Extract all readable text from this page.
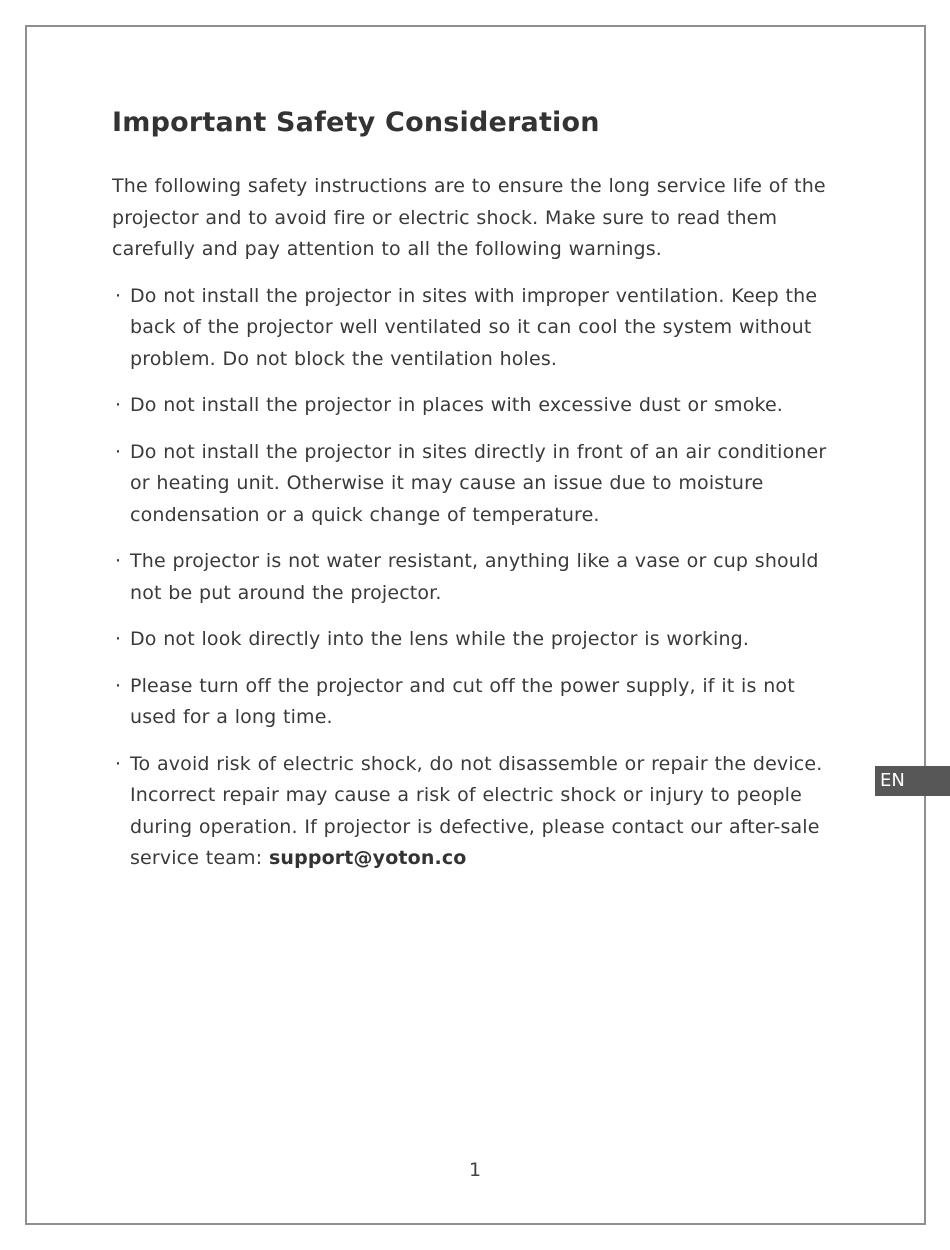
Important Safety Consideration

The following safety instructions are to ensure the long service life of the projector and to avoid fire or electric shock. Make sure to read them carefully and pay attention to all the following warnings.

· Do not install the projector in sites with improper ventilation. Keep the back of the projector well ventilated so it can cool the system without problem. Do not block the ventilation holes.
· Do not install the projector in places with excessive dust or smoke.
· Do not install the projector in sites directly in front of an air conditioner or heating unit. Otherwise it may cause an issue due to moisture condensation or a quick change of temperature.
· The projector is not water resistant, anything like a vase or cup should not be put around the projector.
· Do not look directly into the lens while the projector is working.
· Please turn off the projector and cut off the power supply, if it is not used for a long time.
· To avoid risk of electric shock, do not disassemble or repair the device. Incorrect repair may cause a risk of electric shock or injury to people during operation. If projector is defective, please contact our after-sale service team: support@yoton.co
EN
1
